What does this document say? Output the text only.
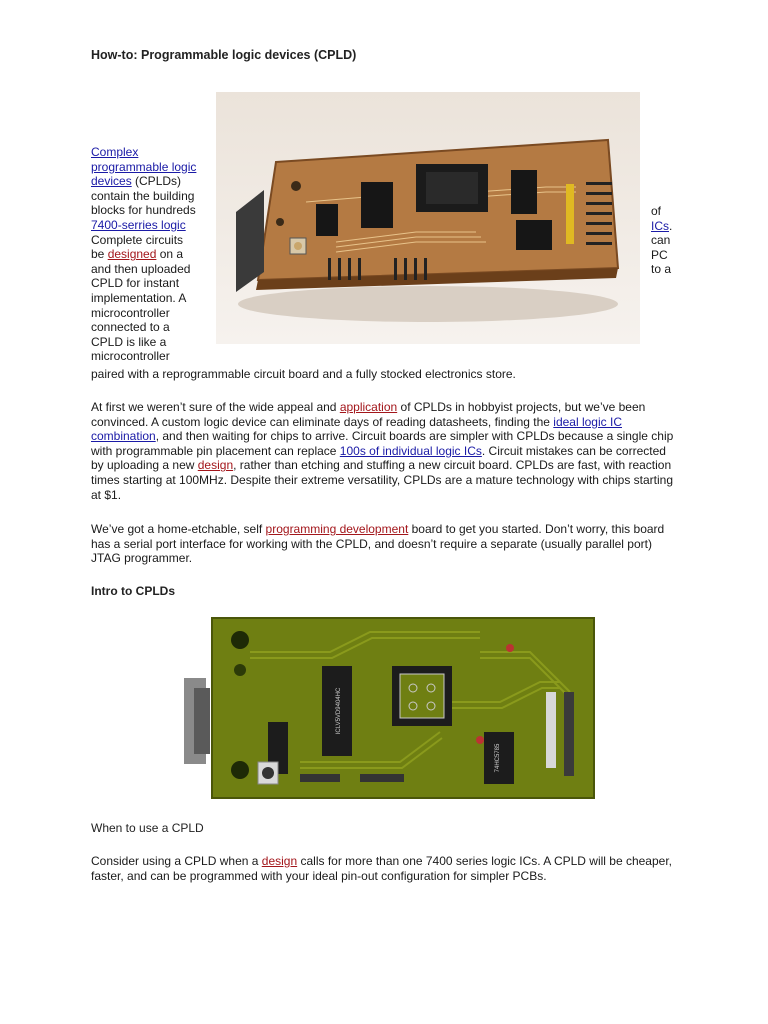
How-to: Programmable logic devices (CPLD)
Complex
programmable logic
devices (CPLDs)
contain the building
blocks for hundreds
7400-serries logic
Complete circuits
be designed on a
and then uploaded
CPLD for instant
implementation. A
microcontroller
connected to a
CPLD is like a
microcontroller
of
ICs.
can
PC
to a
paired with a reprogrammable circuit board and a fully stocked electronics store.
At first we weren’t sure of the wide appeal and application of CPLDs in hobbyist projects, but we’ve been convinced. A custom logic device can eliminate days of reading datasheets, finding the ideal logic IC combination, and then waiting for chips to arrive. Circuit boards are simpler with CPLDs because a single chip with programmable pin placement can replace 100s of individual logic ICs. Circuit mistakes can be corrected by uploading a new design, rather than etching and stuffing a new circuit board. CPLDs are fast, with reaction times starting at 100MHz. Despite their extreme versatility, CPLDs are a mature technology with chips starting at $1.
We’ve got a home-etchable, self programming development board to get you started. Don’t worry, this board has a serial port interface for working with the CPLD, and doesn’t require a separate (usually parallel port) JTAG programmer.
Intro to CPLDs
ICLV5VD9404HC
74HC5785
When to use a CPLD
Consider using a CPLD when a design calls for more than one 7400 series logic ICs. A CPLD will be cheaper, faster, and can be programmed with your ideal pin-out configuration for simpler PCBs.
